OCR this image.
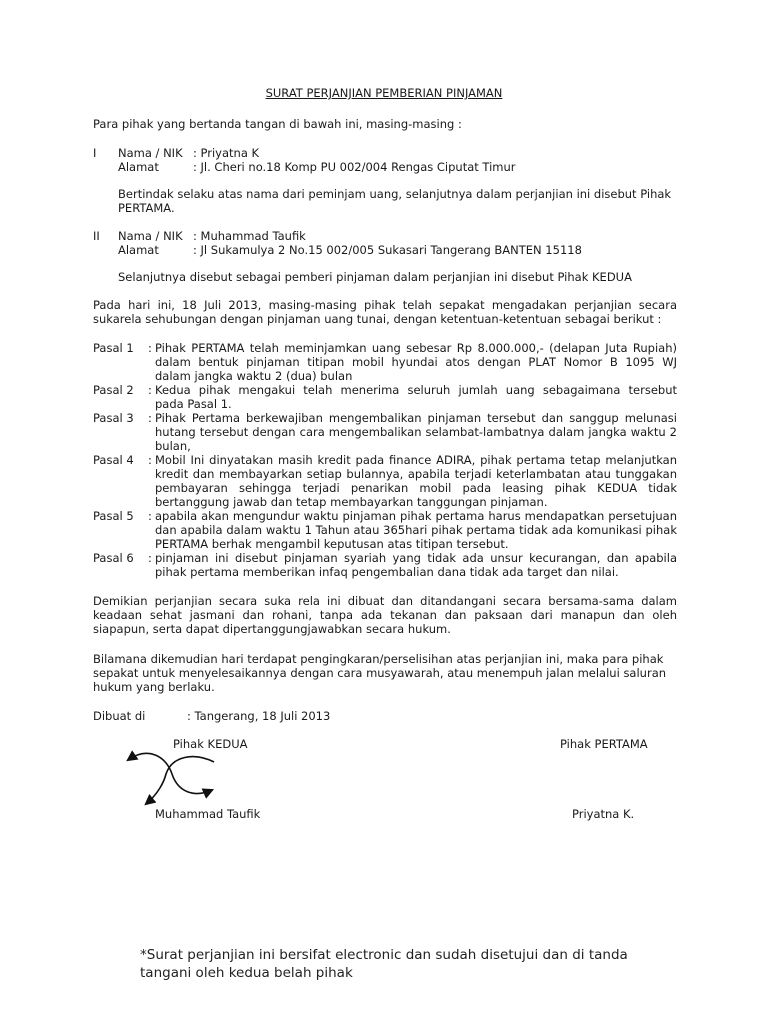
SURAT PERJANJIAN PEMBERIAN PINJAMAN
Para pihak yang bertanda tangan di bawah ini, masing-masing :
I Nama / NIK : Priyatna K
Alamat	: Jl. Cheri no.18 Komp PU 002/004 Rengas Ciputat Timur
Bertindak selaku atas nama dari peminjam uang, selanjutnya dalam perjanjian ini disebut Pihak
PERTAMA.
II Nama / NIK : Muhammad Taufik
Alamat	: Jl Sukamulya 2 No.15 002/005 Sukasari Tangerang BANTEN 15118
Selanjutnya disebut sebagai pemberi pinjaman dalam perjanjian ini disebut Pihak KEDUA
Pada hari ini, 18 Juli 2013, masing-masing pihak telah sepakat mengadakan perjanjian secara
sukarela sehubungan dengan pinjaman uang tunai, dengan ketentuan-ketentuan sebagai berikut :
Pasal 1 : Pihak PERTAMA telah meminjamkan uang sebesar Rp 8.000.000,- (delapan Juta Rupiah)
dalam bentuk pinjaman titipan mobil hyundai atos dengan PLAT Nomor B 1095 WJ
dalam jangka waktu 2 (dua) bulan
Pasal 2 : Kedua pihak mengakui telah menerima seluruh jumlah uang sebagaimana tersebut
pada Pasal 1.
Pasal 3 : Pihak Pertama berkewajiban mengembalikan pinjaman tersebut dan sanggup melunasi
hutang tersebut dengan cara mengembalikan selambat-lambatnya dalam jangka waktu 2
bulan,
Pasal 4 : Mobil Ini dinyatakan masih kredit pada finance ADIRA, pihak pertama tetap melanjutkan
kredit dan membayarkan setiap bulannya, apabila terjadi keterlambatan atau tunggakan
pembayaran sehingga terjadi penarikan mobil pada leasing pihak KEDUA tidak
bertanggung jawab dan tetap membayarkan tanggungan pinjaman.
Pasal 5 : apabila akan mengundur waktu pinjaman pihak pertama harus mendapatkan persetujuan
dan apabila dalam waktu 1 Tahun atau 365hari pihak pertama tidak ada komunikasi pihak
PERTAMA berhak mengambil keputusan atas titipan tersebut.
Pasal 6 : pinjaman ini disebut pinjaman syariah yang tidak ada unsur kecurangan, dan apabila
pihak pertama memberikan infaq pengembalian dana tidak ada target dan nilai.
Demikian perjanjian secara suka rela ini dibuat dan ditandangani secara bersama-sama dalam
keadaan sehat jasmani dan rohani, tanpa ada tekanan dan paksaan dari manapun dan oleh
siapapun, serta dapat dipertanggungjawabkan secara hukum.
Bilamana dikemudian hari terdapat pengingkaran/perselisihan atas perjanjian ini, maka para pihak
sepakat untuk menyelesaikannya dengan cara musyawarah, atau menempuh jalan melalui saluran
hukum yang berlaku.
Dibuat di	: Tangerang, 18 Juli 2013
Pihak KEDUA	Pihak PERTAMA
Muhammad Taufik	Priyatna K.
*Surat perjanjian ini bersifat electronic dan sudah disetujui dan di tanda
tangani oleh kedua belah pihak
